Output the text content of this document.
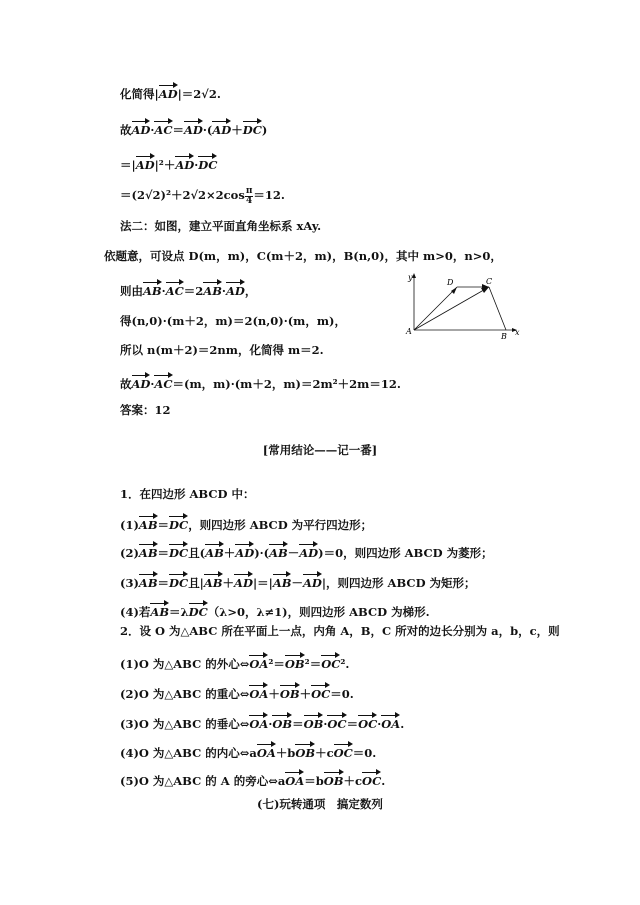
化简得|AD|＝2√2.
故AD·AC＝AD·(AD＋DC)
＝|AD|²＋AD·DC
$=(2√2)^2+2√2\times 2\cos \frac{\pi}{4} =12$.
法二：如图，建立平面直角坐标系 xAy.
依题意，可设点 D(m，m)，C(m＋2，m)，B(n,0)，其中 m>0，n>0，
则由AB·AC＝2AB·AD，
得(n,0)·(m＋2，m)＝2(n,0)·(m，m)，
所以 n(m＋2)＝2nm，化简得 m＝2.
故AD·AC＝(m，m)·(m＋2，m)＝2m²＋2m＝12.
答案：12
y
x
A
B
C
D
[常用结论——记一番]
1．在四边形 ABCD 中：
(1)AB＝DC，则四边形 ABCD 为平行四边形；
(2)AB＝DC且(AB＋AD)·(AB－AD)＝0，则四边形 ABCD 为菱形；
(3)AB＝DC且|AB＋AD|＝|AB－AD|，则四边形 ABCD 为矩形；
(4)若AB＝λDC（λ>0，λ≠1)，则四边形 ABCD 为梯形.
2．设 O 为△ABC 所在平面上一点，内角 A，B，C 所对的边长分别为 a，b，c，则
(1)O 为△ABC 的外心⇔OA²＝OB²＝OC².
(2)O 为△ABC 的重心⇔OA＋OB＋OC＝0.
(3)O 为△ABC 的垂心⇔OA·OB＝OB·OC＝OC·OA.
(4)O 为△ABC 的内心⇔aOA＋bOB＋cOC＝0.
(5)O 为△ABC 的 A 的旁心⇔aOA＝bOB＋cOC.
(七)玩转通项　搞定数列
